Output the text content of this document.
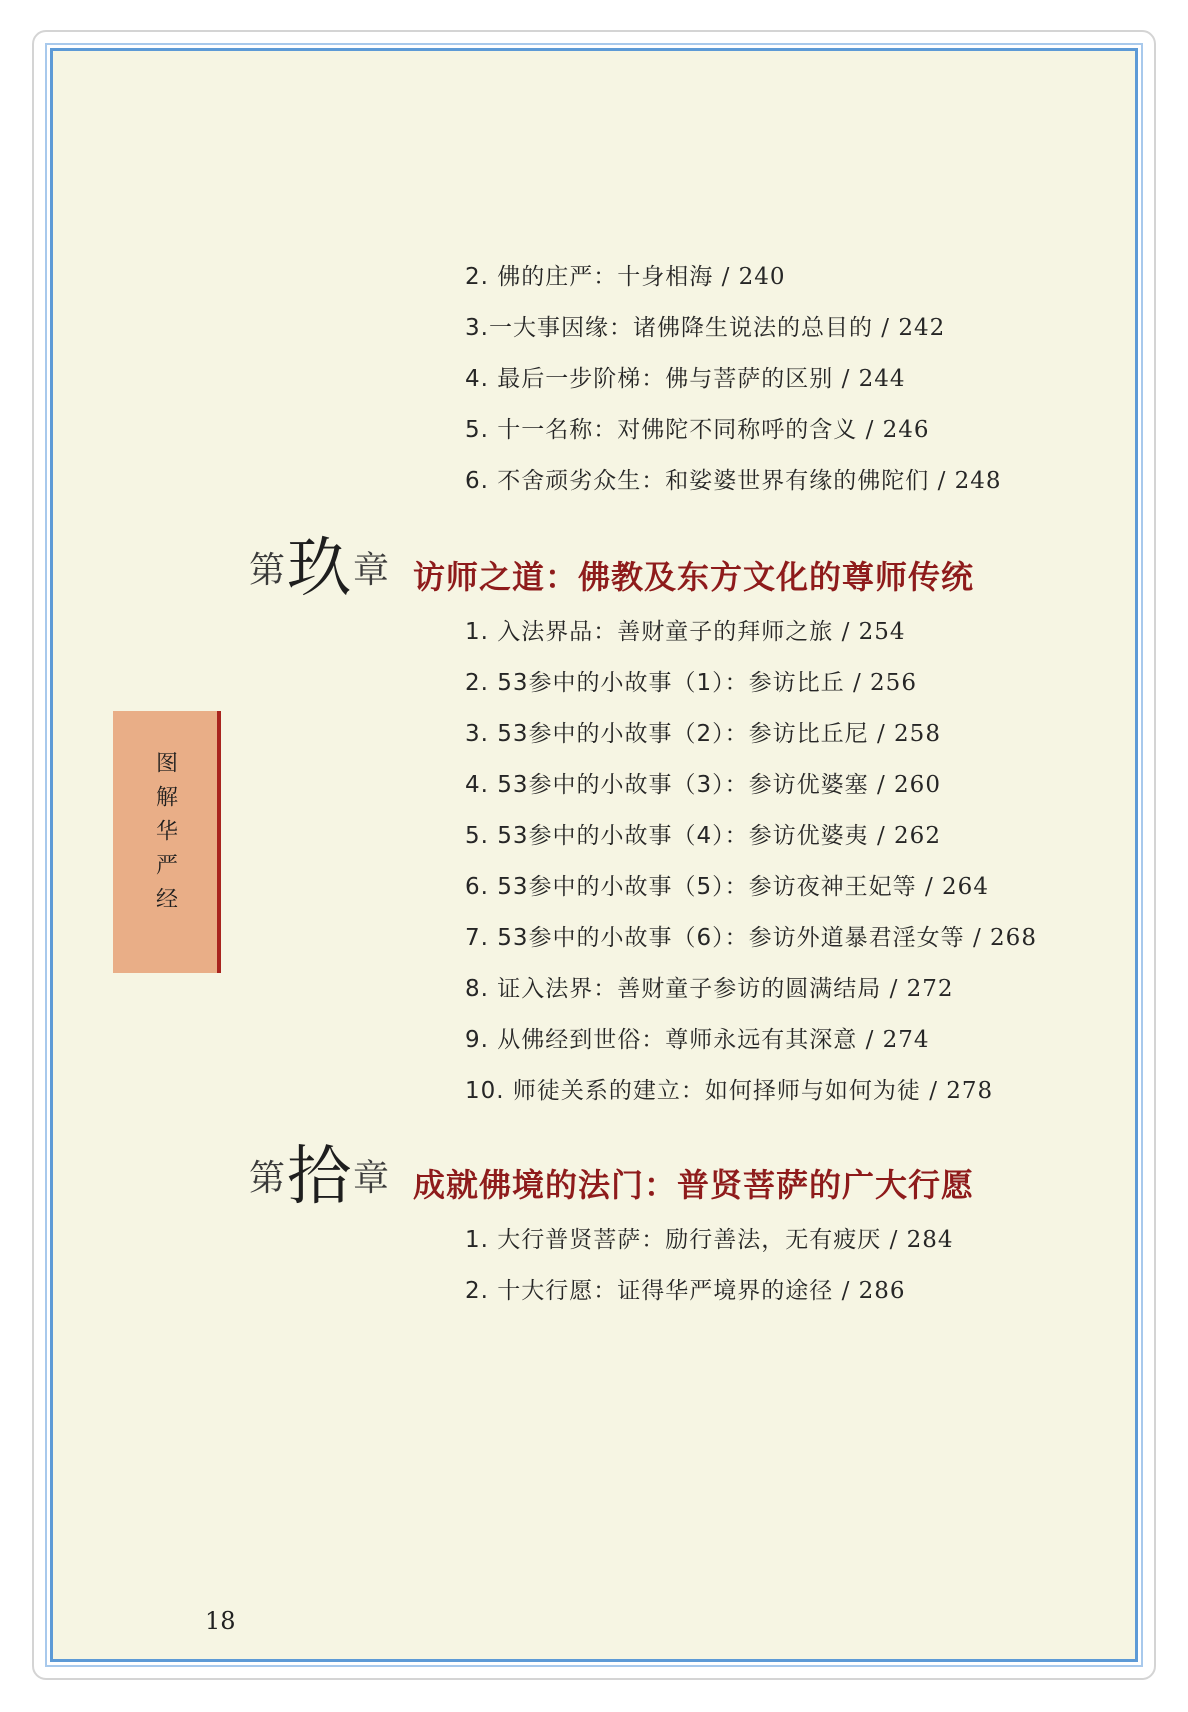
图解华严经
2. 佛的庄严：十身相海 / 240
3.一大事因缘：诸佛降生说法的总目的 / 242
4. 最后一步阶梯：佛与菩萨的区别 / 244
5. 十一名称：对佛陀不同称呼的含义 / 246
6. 不舍顽劣众生：和娑婆世界有缘的佛陀们 / 248
第 玖 章 访师之道：佛教及东方文化的尊师传统
1. 入法界品：善财童子的拜师之旅 / 254
2. 53参中的小故事（1）：参访比丘 / 256
3. 53参中的小故事（2）：参访比丘尼 / 258
4. 53参中的小故事（3）：参访优婆塞 / 260
5. 53参中的小故事（4）：参访优婆夷 / 262
6. 53参中的小故事（5）：参访夜神王妃等 / 264
7. 53参中的小故事（6）：参访外道暴君淫女等 / 268
8. 证入法界：善财童子参访的圆满结局 / 272
9. 从佛经到世俗：尊师永远有其深意 / 274
10. 师徒关系的建立：如何择师与如何为徒 / 278
第 拾 章 成就佛境的法门：普贤菩萨的广大行愿
1. 大行普贤菩萨：励行善法，无有疲厌 / 284
2. 十大行愿：证得华严境界的途径 / 286
18
